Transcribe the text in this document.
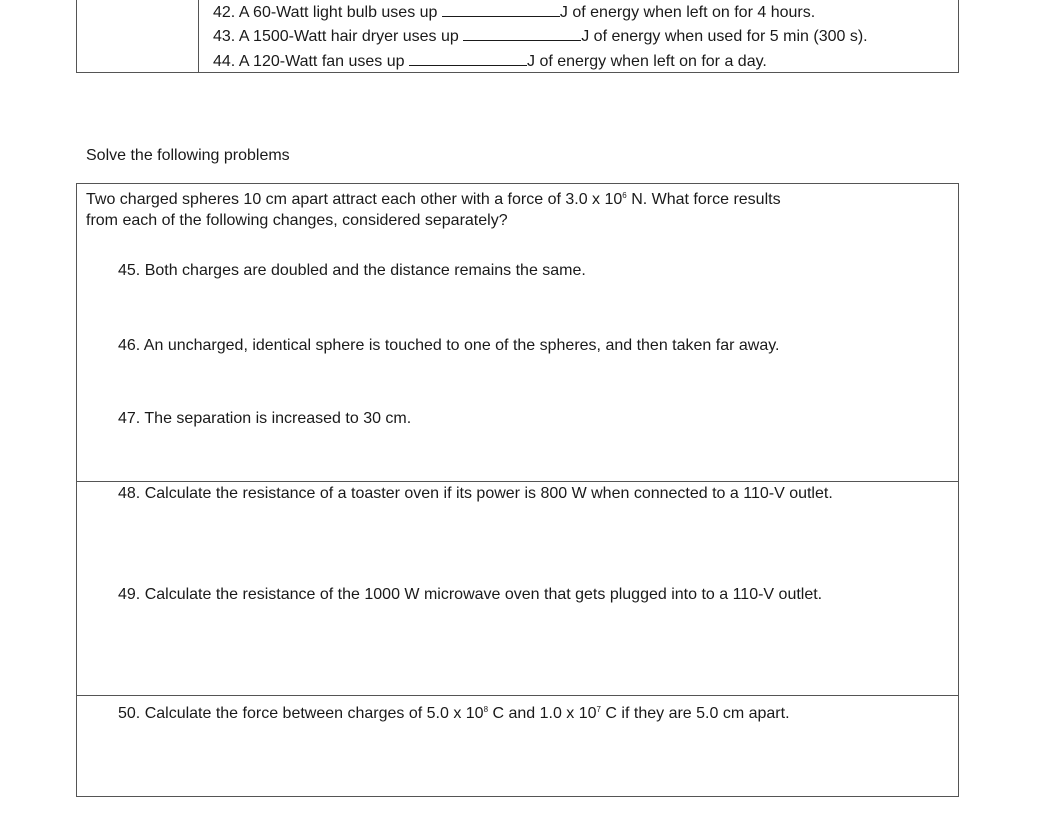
42. A 60-Watt light bulb uses up	J of energy when left on for 4 hours.
43. A 1500-Watt hair dryer uses up	J of energy when used for 5 min (300 s).
44. A 120-Watt fan uses up	J of energy when left on for a day.
Solve the following problems
Two charged spheres 10 cm apart attract each other with a force of 3.0 x $10^6$ N. What force results
from each of the following changes, considered separately?
45. Both charges are doubled and the distance remains the same.
46. An uncharged, identical sphere is touched to one of the spheres, and then taken far away.
47. The separation is increased to 30 cm.
48. Calculate the resistance of a toaster oven if its power is 800 W when connected to a 110-V outlet.
49. Calculate the resistance of the 1000 W microwave oven that gets plugged into to a 110-V outlet.
50. Calculate the force between charges of 5.0 x $10^8$ C and 1.0 x $10^7$ C if they are 5.0 cm apart.
